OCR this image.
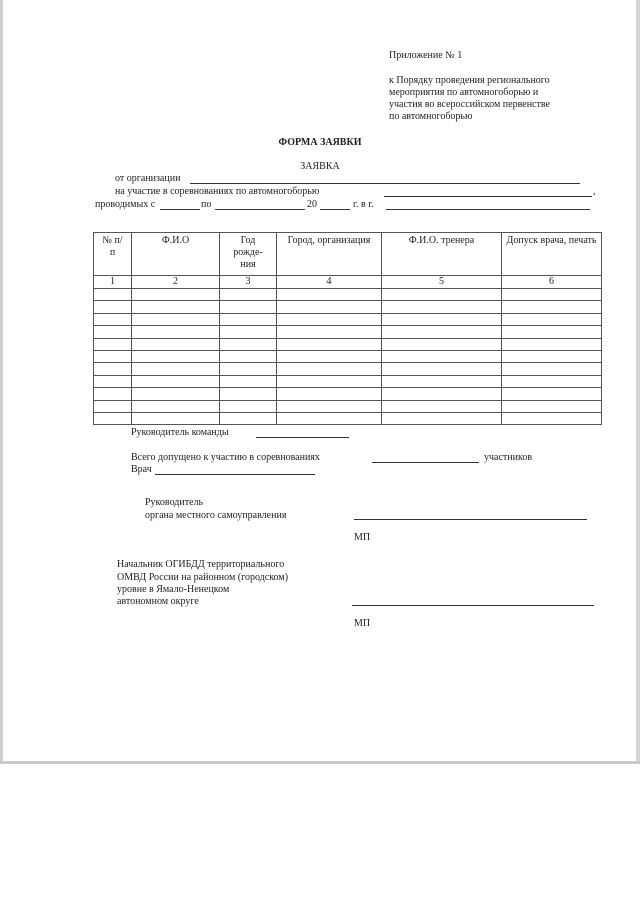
Приложение № 1
к Порядку проведения регионального
мероприятия по автомногоборью и
участия во всероссийском первенстве
по автомногоборью
ФОРМА ЗАЯВКИ
ЗАЯВКА
от организации
на участие в соревнованиях по автомногоборью	,
проводимых с	по	20	г. в г.
№ п/п	Ф.И.О	Год рожде- ния	Город, организация	Ф.И.О. тренера	Допуск врача, печать
1	2	3	4	5	6

Руководитель команды
Всего допущено к участию в соревнованиях	участников
Врач
Руководитель
органа местного самоуправления
МП
Начальник ОГИБДД территориального
ОМВД России на районном (городском)
уровне в Ямало-Ненецком
автономном округе
МП
